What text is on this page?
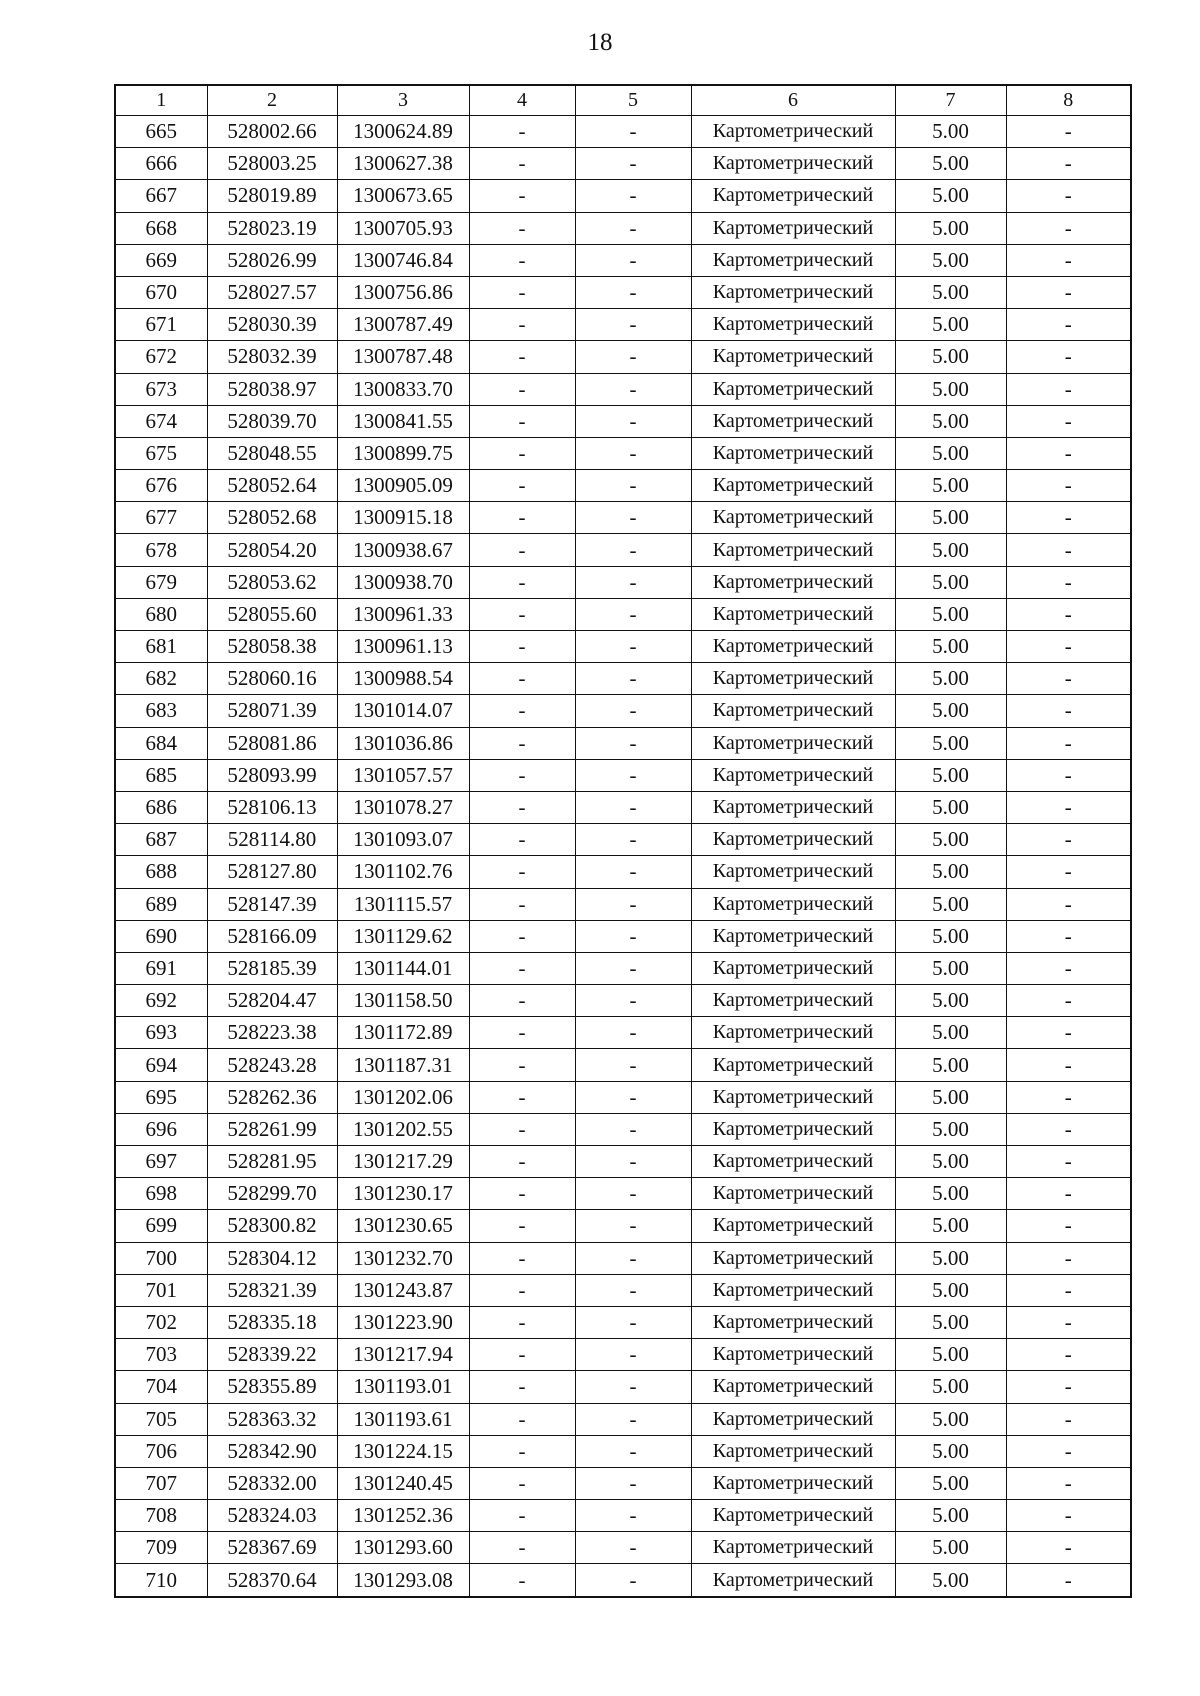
18
1	2	3	4	5	6	7	8
665	528002.66	1300624.89	-	-	Картометрический	5.00	-
666	528003.25	1300627.38	-	-	Картометрический	5.00	-
667	528019.89	1300673.65	-	-	Картометрический	5.00	-
668	528023.19	1300705.93	-	-	Картометрический	5.00	-
669	528026.99	1300746.84	-	-	Картометрический	5.00	-
670	528027.57	1300756.86	-	-	Картометрический	5.00	-
671	528030.39	1300787.49	-	-	Картометрический	5.00	-
672	528032.39	1300787.48	-	-	Картометрический	5.00	-
673	528038.97	1300833.70	-	-	Картометрический	5.00	-
674	528039.70	1300841.55	-	-	Картометрический	5.00	-
675	528048.55	1300899.75	-	-	Картометрический	5.00	-
676	528052.64	1300905.09	-	-	Картометрический	5.00	-
677	528052.68	1300915.18	-	-	Картометрический	5.00	-
678	528054.20	1300938.67	-	-	Картометрический	5.00	-
679	528053.62	1300938.70	-	-	Картометрический	5.00	-
680	528055.60	1300961.33	-	-	Картометрический	5.00	-
681	528058.38	1300961.13	-	-	Картометрический	5.00	-
682	528060.16	1300988.54	-	-	Картометрический	5.00	-
683	528071.39	1301014.07	-	-	Картометрический	5.00	-
684	528081.86	1301036.86	-	-	Картометрический	5.00	-
685	528093.99	1301057.57	-	-	Картометрический	5.00	-
686	528106.13	1301078.27	-	-	Картометрический	5.00	-
687	528114.80	1301093.07	-	-	Картометрический	5.00	-
688	528127.80	1301102.76	-	-	Картометрический	5.00	-
689	528147.39	1301115.57	-	-	Картометрический	5.00	-
690	528166.09	1301129.62	-	-	Картометрический	5.00	-
691	528185.39	1301144.01	-	-	Картометрический	5.00	-
692	528204.47	1301158.50	-	-	Картометрический	5.00	-
693	528223.38	1301172.89	-	-	Картометрический	5.00	-
694	528243.28	1301187.31	-	-	Картометрический	5.00	-
695	528262.36	1301202.06	-	-	Картометрический	5.00	-
696	528261.99	1301202.55	-	-	Картометрический	5.00	-
697	528281.95	1301217.29	-	-	Картометрический	5.00	-
698	528299.70	1301230.17	-	-	Картометрический	5.00	-
699	528300.82	1301230.65	-	-	Картометрический	5.00	-
700	528304.12	1301232.70	-	-	Картометрический	5.00	-
701	528321.39	1301243.87	-	-	Картометрический	5.00	-
702	528335.18	1301223.90	-	-	Картометрический	5.00	-
703	528339.22	1301217.94	-	-	Картометрический	5.00	-
704	528355.89	1301193.01	-	-	Картометрический	5.00	-
705	528363.32	1301193.61	-	-	Картометрический	5.00	-
706	528342.90	1301224.15	-	-	Картометрический	5.00	-
707	528332.00	1301240.45	-	-	Картометрический	5.00	-
708	528324.03	1301252.36	-	-	Картометрический	5.00	-
709	528367.69	1301293.60	-	-	Картометрический	5.00	-
710	528370.64	1301293.08	-	-	Картометрический	5.00	-
